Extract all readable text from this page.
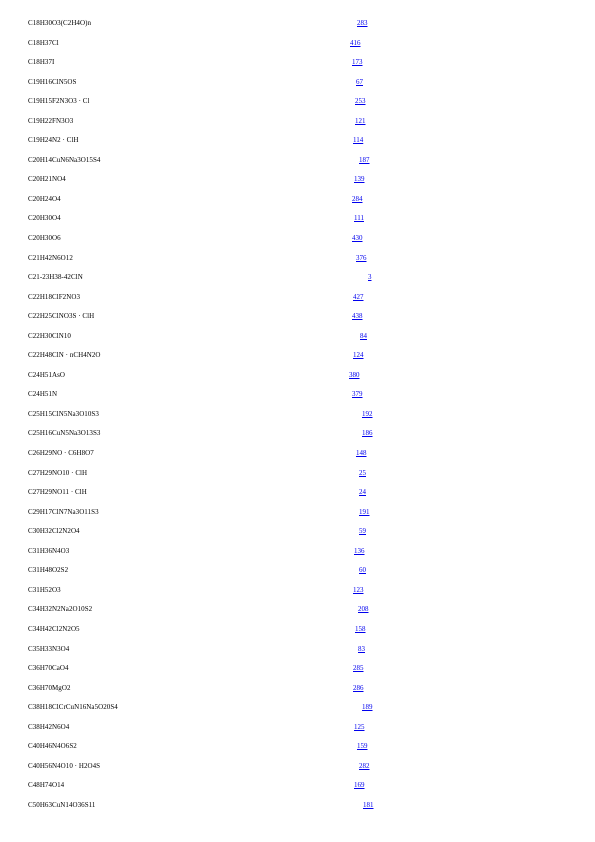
C18H30O3(C2H4O)n	283
C18H37Cl	416
C18H37I	173
C19H16ClN5OS	67
C19H15F2N3O3 · Cl	253
C19H22FN3O3	121
C19H24N2 · ClH	114
C20H14CuN6Na3O15S4	187
C20H21NO4	139
C20H24O4	284
C20H30O4	111
C20H30O6	430
C21H42N6O12	376
C21-23H38-42ClN	3
C22H18ClF2NO3	427
C22H25ClNO3S · ClH	438
C22H30ClN10	84
C22H48ClN · nCH4N2O	124
C24H51AsO	380
C24H51N	379
C25H15ClN5Na3O10S3	192
C25H16CuN5Na3O13S3	186
C26H29NO · C6H8O7	148
C27H29NO10 · ClH	25
C27H29NO11 · ClH	24
C29H17ClN7Na3O11S3	191
C30H32Cl2N2O4	59
C31H36N4O3	136
C31H48O2S2	60
C31H52O3	123
C34H32N2Na2O10S2	208
C34H42Cl2N2O5	158
C35H33N3O4	83
C36H70CaO4	285
C36H70MgO2	286
C38H18ClCrCuN16Na5O20S4	189
C38H42N6O4	125
C40H46N4O6S2	159
C40H56N4O10 · H2O4S	282
C48H74O14	169
C50H63CuN14O36S11	181
